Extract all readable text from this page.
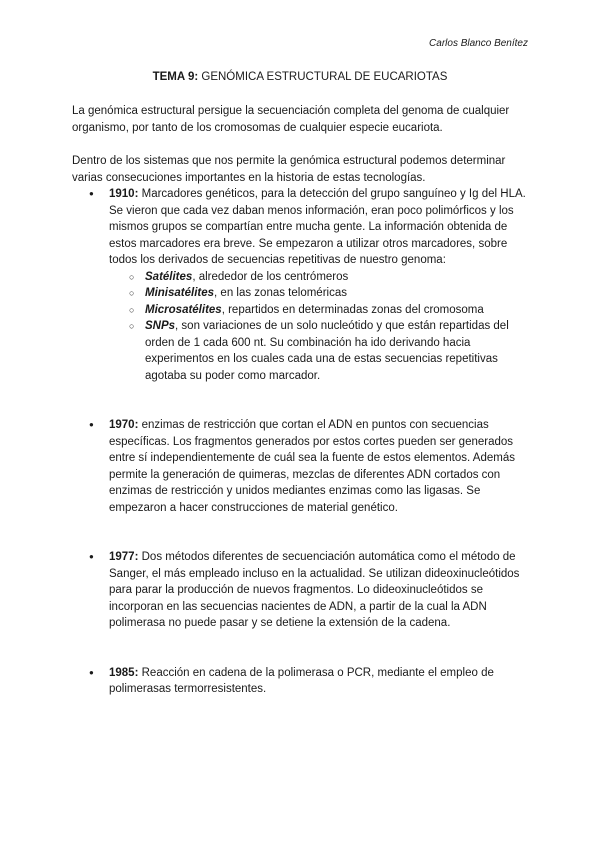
Carlos Blanco Benítez
TEMA 9: GENÓMICA ESTRUCTURAL DE EUCARIOTAS
La genómica estructural persigue la secuenciación completa del genoma de cualquier organismo, por tanto de los cromosomas de cualquier especie eucariota.
Dentro de los sistemas que nos permite la genómica estructural podemos determinar varias consecuciones importantes en la historia de estas tecnologías.
● 1910: Marcadores genéticos, para la detección del grupo sanguíneo y Ig del HLA. Se vieron que cada vez daban menos información, eran poco polimórficos y los mismos grupos se compartían entre mucha gente. La información obtenida de estos marcadores era breve. Se empezaron a utilizar otros marcadores, sobre todos los derivados de secuencias repetitivas de nuestro genoma:
○ Satélites, alrededor de los centrómeros
○ Minisatélites, en las zonas teloméricas
○ Microsatélites, repartidos en determinadas zonas del cromosoma
○ SNPs, son variaciones de un solo nucleótido y que están repartidas del orden de 1 cada 600 nt. Su combinación ha ido derivando hacia experimentos en los cuales cada una de estas secuencias repetitivas agotaba su poder como marcador.
● 1970: enzimas de restricción que cortan el ADN en puntos con secuencias específicas. Los fragmentos generados por estos cortes pueden ser generados entre sí independientemente de cuál sea la fuente de estos elementos. Además permite la generación de quimeras, mezclas de diferentes ADN cortados con enzimas de restricción y unidos mediantes enzimas como las ligasas. Se empezaron a hacer construcciones de material genético.
● 1977: Dos métodos diferentes de secuenciación automática como el método de Sanger, el más empleado incluso en la actualidad. Se utilizan dideoxinucleótidos para parar la producción de nuevos fragmentos. Lo dideoxinucleótidos se incorporan en las secuencias nacientes de ADN, a partir de la cual la ADN polimerasa no puede pasar y se detiene la extensión de la cadena.
● 1985: Reacción en cadena de la polimerasa o PCR, mediante el empleo de polimerasas termorresistentes.
